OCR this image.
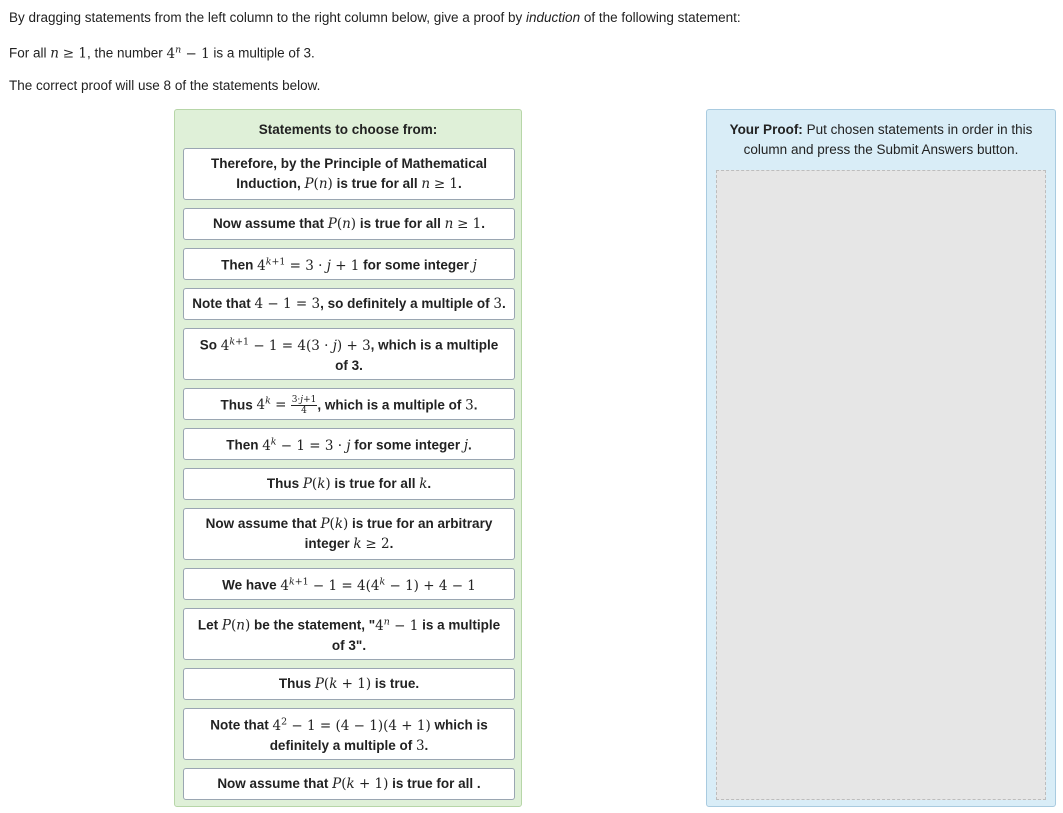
By dragging statements from the left column to the right column below, give a proof by induction of the following statement:
For all n ≥ 1, the number $4^n - 1$ is a multiple of 3.
The correct proof will use 8 of the statements below.
Statements to choose from:
Therefore, by the Principle of Mathematical Induction, P(n) is true for all n ≥ 1.
Now assume that P(n) is true for all n ≥ 1.
Then $4^{k+1} = 3 \cdot j + 1$ for some integer j
Note that 4 − 1 = 3, so definitely a multiple of 3.
So $4^{k+1} - 1 = 4(3 \cdot j) + 3$, which is a multiple of 3.
Thus $4^k = \frac{3\cdot j+1}{4}$ , which is a multiple of 3.
Then $4^k - 1 = 3 \cdot j$ for some integer j.
Thus P(k) is true for all k.
Now assume that P(k) is true for an arbitrary integer k ≥ 2.
We have $4^{k+1} - 1 = 4(4^k - 1) + 4 - 1$
Let P(n) be the statement, "$4^n - 1$ is a multiple of 3".
Thus P(k + 1) is true.
Note that $4^2 - 1 = (4 - 1)(4 + 1)$ which is definitely a multiple of 3.
Now assume that P(k + 1) is true for all .
Your Proof: Put chosen statements in order in this column and press the Submit Answers button.
